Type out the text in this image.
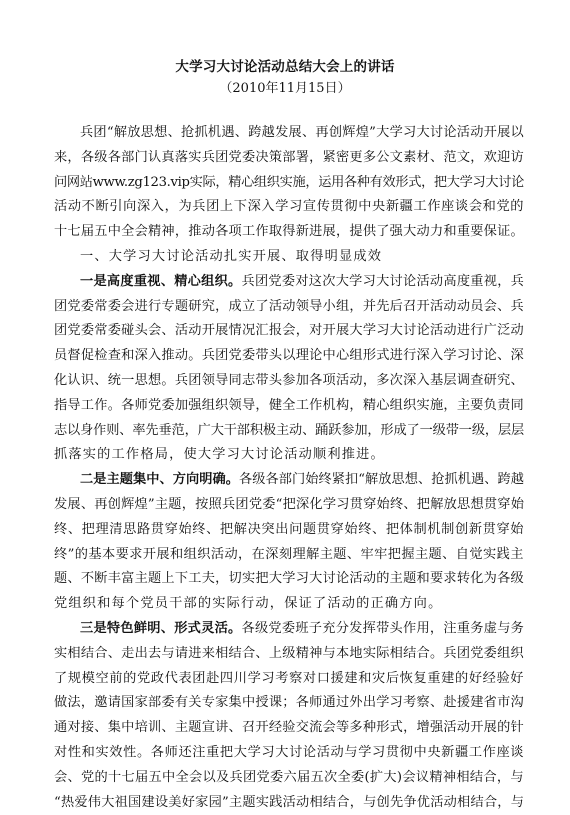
大学习大讨论活动总结大会上的讲话
（2010年11月15日）
兵团“解放思想、抢抓机遇、跨越发展、再创辉煌”大学习大讨论活动开展以
来，各级各部门认真落实兵团党委决策部署，紧密更多公文素材、范文，欢迎访
问网站www.zg123.vip实际，精心组织实施，运用各种有效形式，把大学习大讨论
活动不断引向深入，为兵团上下深入学习宣传贯彻中央新疆工作座谈会和党的
十七届五中全会精神，推动各项工作取得新进展，提供了强大动力和重要保证。
一、大学习大讨论活动扎实开展、取得明显成效
一是高度重视、精心组织。兵团党委对这次大学习大讨论活动高度重视，兵
团党委常委会进行专题研究，成立了活动领导小组，并先后召开活动动员会、兵
团党委常委碰头会、活动开展情况汇报会，对开展大学习大讨论活动进行广泛动
员督促检查和深入推动。兵团党委带头以理论中心组形式进行深入学习讨论、深
化认识、统一思想。兵团领导同志带头参加各项活动，多次深入基层调查研究、
指导工作。各师党委加强组织领导，健全工作机构，精心组织实施，主要负责同
志以身作则、率先垂范，广大干部积极主动、踊跃参加，形成了一级带一级，层层
抓落实的工作格局，使大学习大讨论活动顺利推进。
二是主题集中、方向明确。各级各部门始终紧扣“解放思想、抢抓机遇、跨越
发展、再创辉煌”主题，按照兵团党委“把深化学习贯穿始终、把解放思想贯穿始
终、把理清思路贯穿始终、把解决突出问题贯穿始终、把体制机制创新贯穿始
终”的基本要求开展和组织活动，在深刻理解主题、牢牢把握主题、自觉实践主
题、不断丰富主题上下工夫，切实把大学习大讨论活动的主题和要求转化为各级
党组织和每个党员干部的实际行动，保证了活动的正确方向。
三是特色鲜明、形式灵活。各级党委班子充分发挥带头作用，注重务虚与务
实相结合、走出去与请进来相结合、上级精神与本地实际相结合。兵团党委组织
了规模空前的党政代表团赴四川学习考察对口援建和灾后恢复重建的好经验好
做法，邀请国家部委有关专家集中授课；各师通过外出学习考察、赴援建省市沟
通对接、集中培训、主题宣讲、召开经验交流会等多种形式，增强活动开展的针
对性和实效性。各师还注重把大学习大讨论活动与学习贯彻中央新疆工作座谈
会、党的十七届五中全会以及兵团党委六届五次全委(扩大)会议精神相结合，与
“热爱伟大祖国建设美好家园”主题实践活动相结合，与创先争优活动相结合，与
